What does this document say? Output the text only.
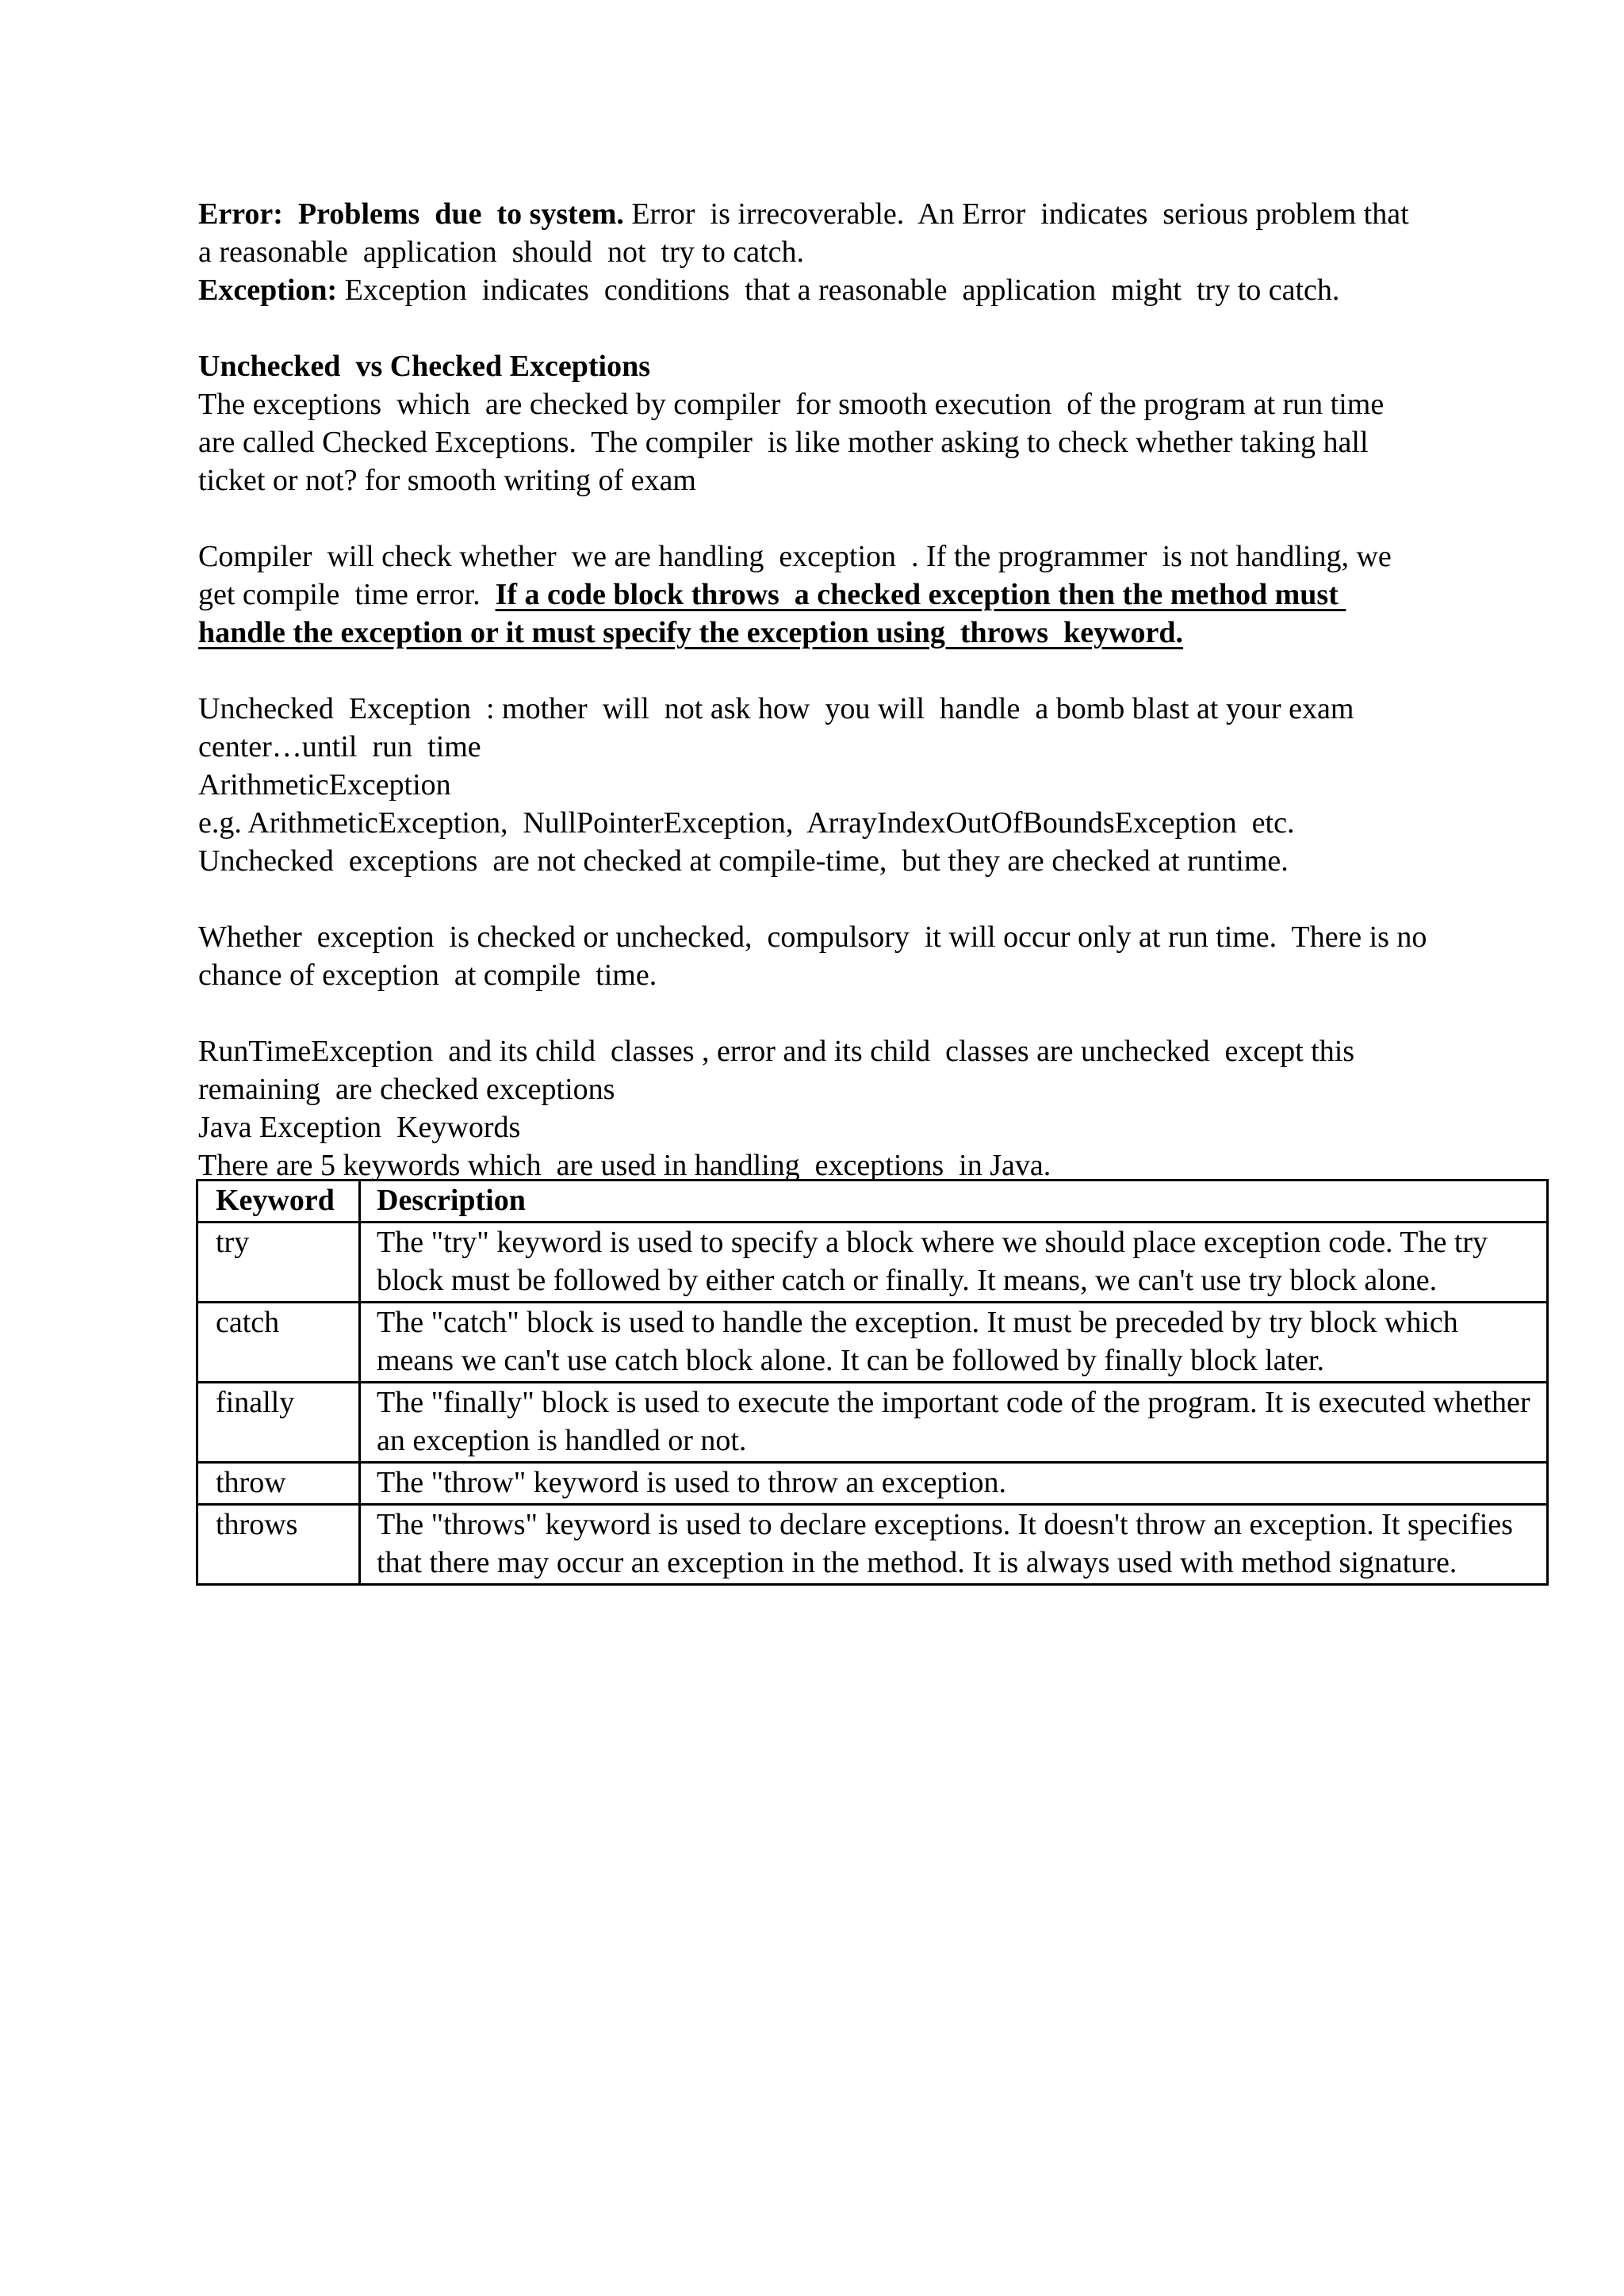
Error:  Problems  due  to system. Error  is irrecoverable.  An Error  indicates  serious problem that a reasonable  application  should  not  try to catch.

Exception: Exception  indicates  conditions  that a reasonable  application  might  try to catch.

Unchecked  vs Checked Exceptions

The exceptions  which  are checked by compiler  for smooth execution  of the program at run time are called Checked Exceptions.  The compiler  is like mother asking to check whether taking hall ticket or not? for smooth writing of exam

Compiler  will check whether  we are handling  exception  . If the programmer  is not handling, we get compile  time error.  If a code block throws  a checked exception then the method must handle the exception or it must specify the exception using  throws  keyword.

Unchecked  Exception  : mother  will  not ask how  you will  handle  a bomb blast at your exam center…until  run  time

ArithmeticException

e.g. ArithmeticException,  NullPointerException,  ArrayIndexOutOfBoundsException  etc.

Unchecked  exceptions  are not checked at compile-time,  but they are checked at runtime.

Whether  exception  is checked or unchecked,  compulsory  it will occur only at run time.  There is no chance of exception  at compile  time.

RunTimeException  and its child  classes , error and its child  classes are unchecked  except this remaining  are checked exceptions

Java Exception  Keywords

There are 5 keywords which  are used in handling  exceptions  in Java.

Keyword	Description
try	The "try" keyword is used to specify a block where we should place exception code. The try block must be followed by either catch or finally. It means, we can't use try block alone.
catch	The "catch" block is used to handle the exception. It must be preceded by try block which means we can't use catch block alone. It can be followed by finally block later.
finally	The "finally" block is used to execute the important code of the program. It is executed whether an exception is handled or not.
throw	The "throw" keyword is used to throw an exception.
throws	The "throws" keyword is used to declare exceptions. It doesn't throw an exception. It specifies that there may occur an exception in the method. It is always used with method signature.
